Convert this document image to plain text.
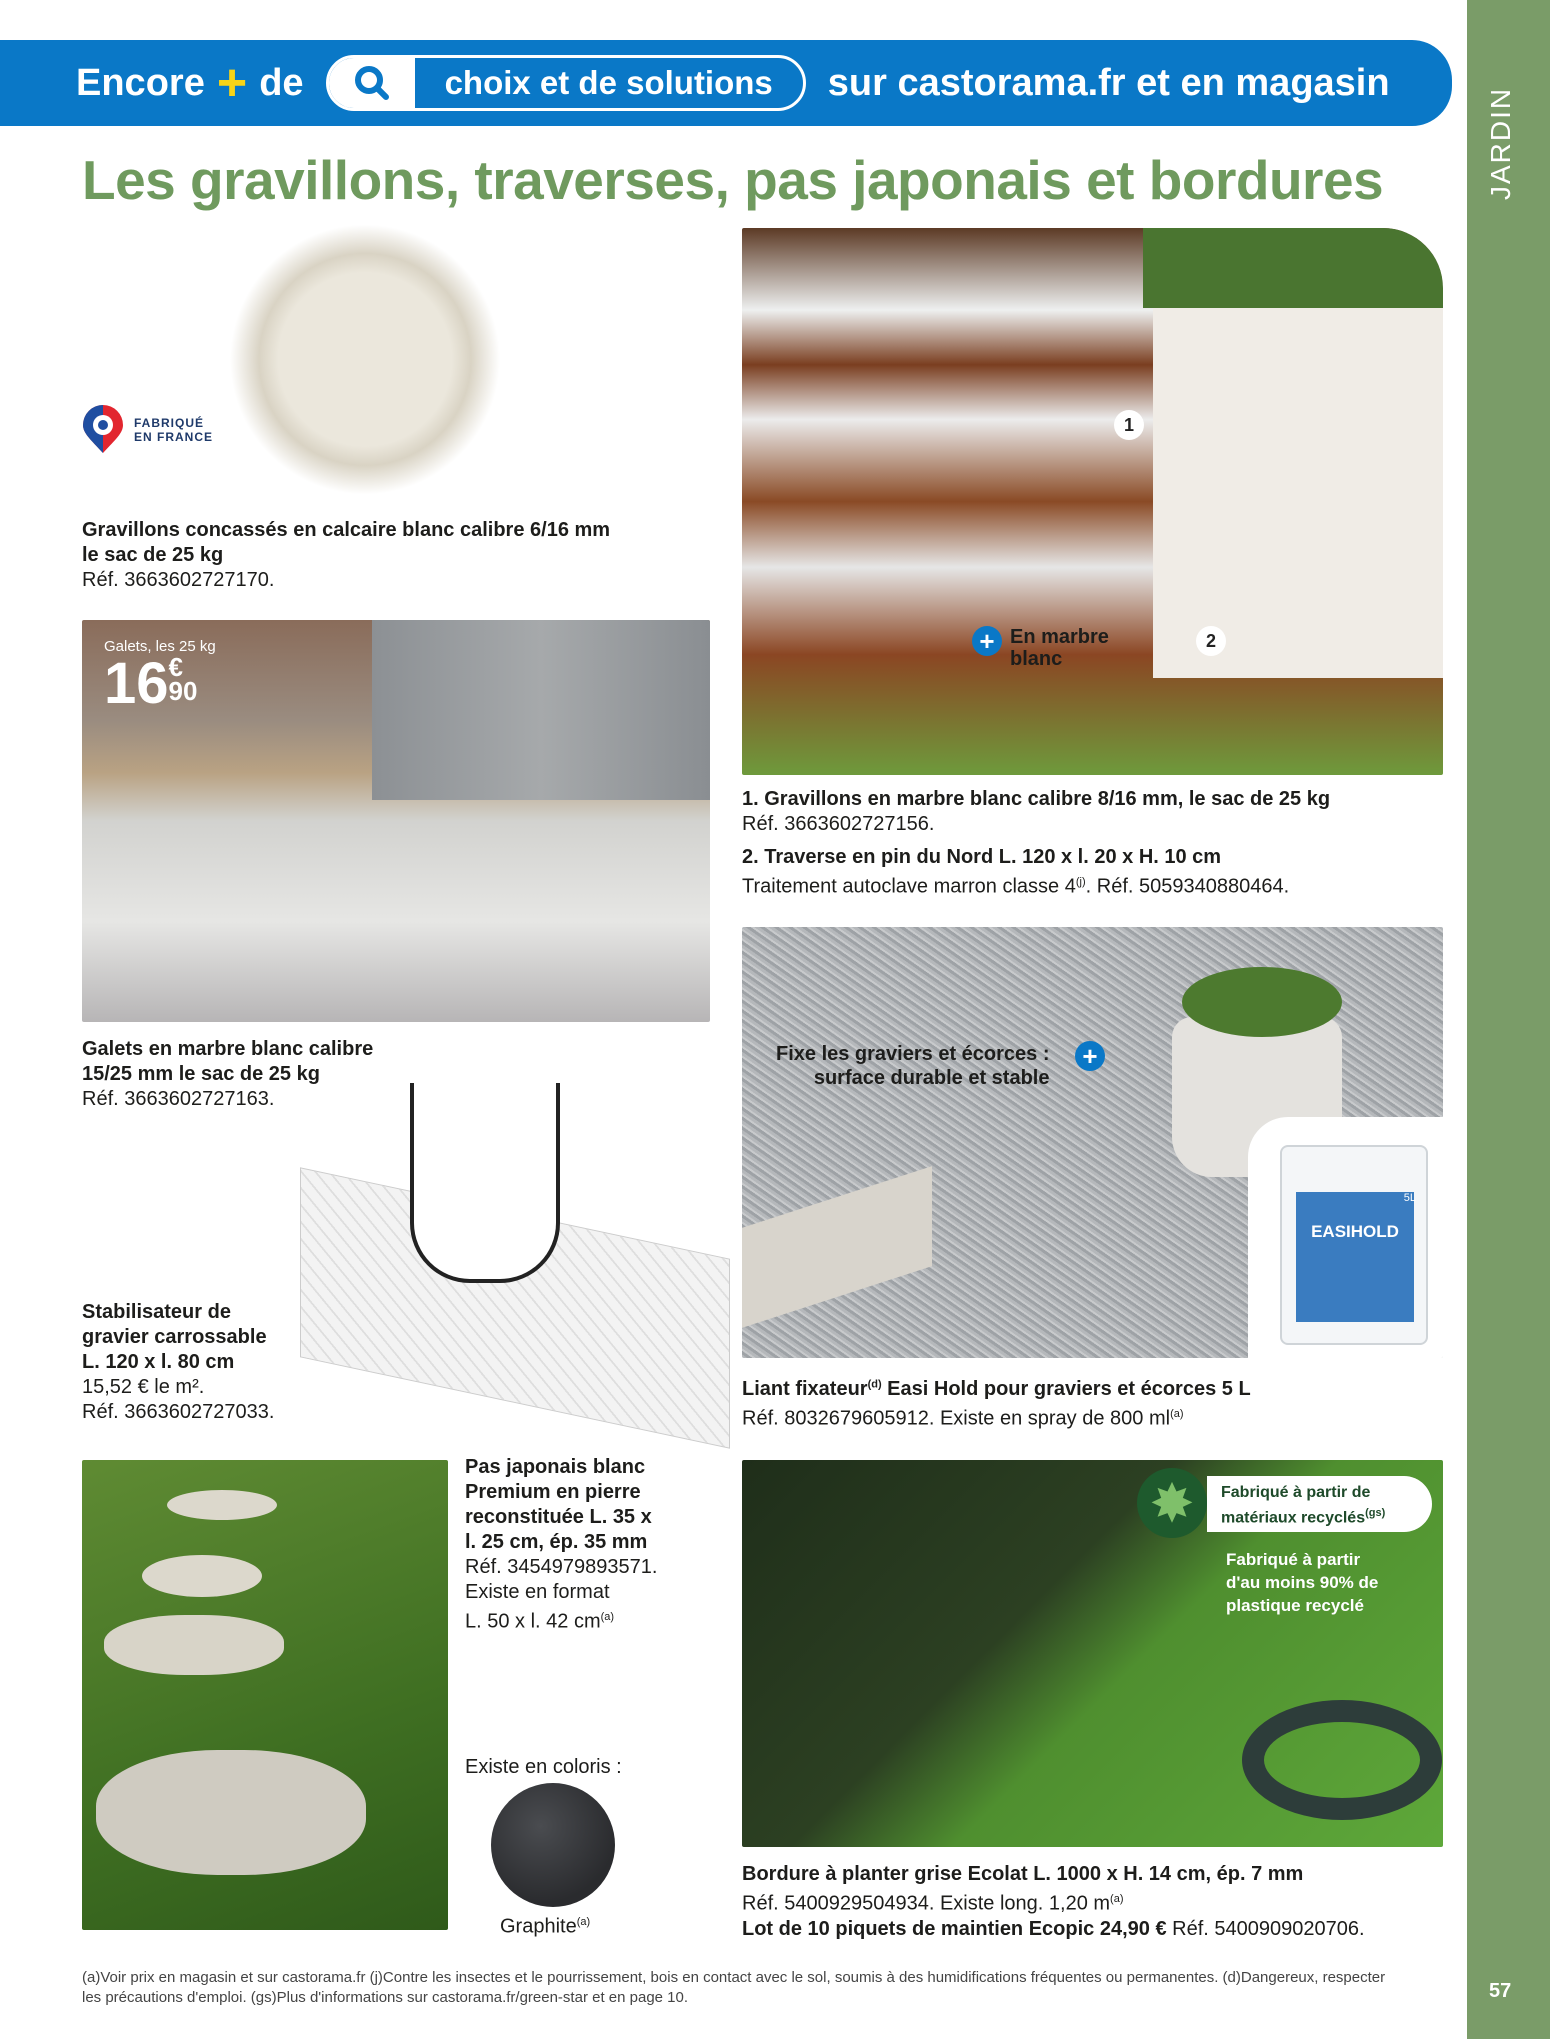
JARDIN
57
Encore + de	choix et de solutions	sur castorama.fr et en magasin
Les gravillons, traverses, pas japonais et bordures
FABRIQUÉ
EN FRANCE
Gravillons concassés en calcaire blanc calibre 6/16 mm
le sac de 25 kg
Réf. 3663602727170.
Galets, les 25 kg
16 €
90
Galets en marbre blanc calibre
15/25 mm le sac de 25 kg
Réf. 3663602727163.
Stabilisateur de
gravier carrossable
L. 120 x l. 80 cm
15,52 € le m².
Réf. 3663602727033.
Pas japonais blanc
Premium en pierre
reconstituée L. 35 x
l. 25 cm, ép. 35 mm
Réf. 3454979893571.
Existe en format
L. 50 x l. 42 $cm^{(a)}$
Existe en coloris :
Graphite$^{(a)}$
1
2
+ En marbre
blanc
1. Gravillons en marbre blanc calibre 8/16 mm, le sac de 25 kg
Réf. 3663602727156.
2. Traverse en pin du Nord L. 120 x l. 20 x H. 10 cm
Traitement autoclave marron classe 4$^{(j)}$. Réf. 5059340880464.
EASIHOLD
5L
Fixe les graviers et écorces :
surface durable et stable
+
Liant fixateur$^{(d)}$ Easi Hold pour graviers et écorces 5 L
Réf. 8032679605912. Existe en spray de 800 $ml^{(a)}$
✸	Fabriqué à partir de
matériaux recyclés$^{(gs)}$
Fabriqué à partir
d'au moins 90% de
plastique recyclé
Bordure à planter grise Ecolat L. 1000 x H. 14 cm, ép. 7 mm
Réf. 5400929504934. Existe long. 1,20 $m^{(a)}$
Lot de 10 piquets de maintien Ecopic 24,90 € Réf. 5400909020706.
(a)Voir prix en magasin et sur castorama.fr (j)Contre les insectes et le pourrissement, bois en contact avec le sol, soumis à des humidifications fréquentes ou permanentes. (d)Dangereux, respecter
les précautions d'emploi. (gs)Plus d'informations sur castorama.fr/green-star et en page 10.
